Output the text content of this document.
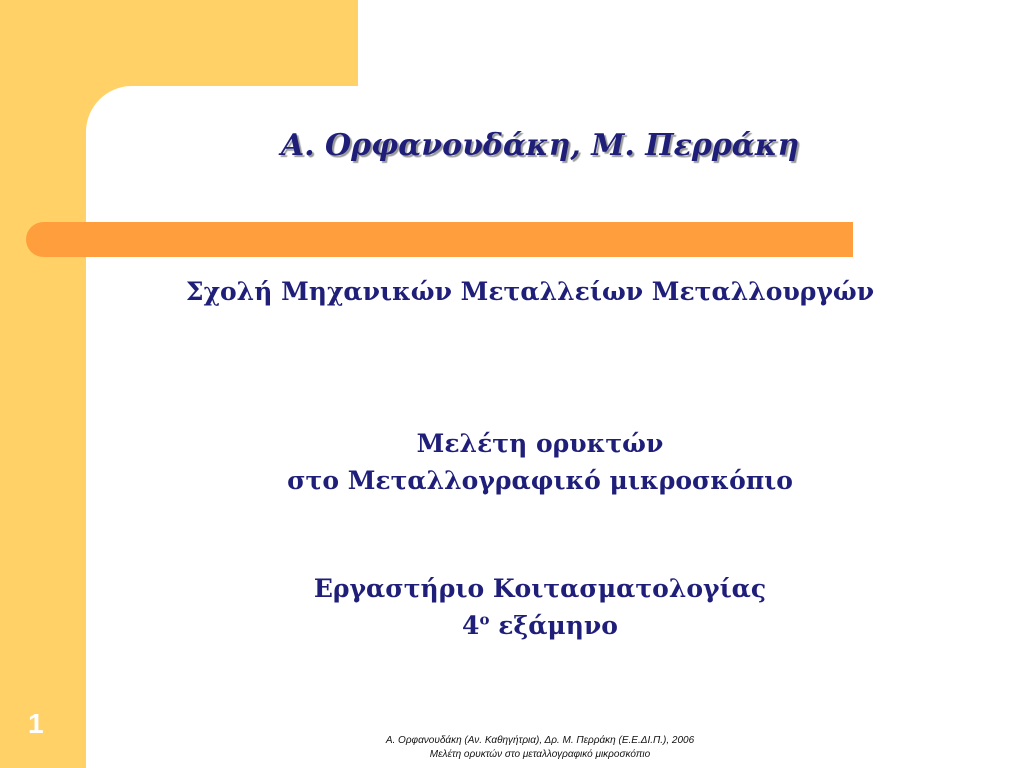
Α. Ορφανουδάκη, Μ. Περράκη
Σχολή Μηχανικών Μεταλλείων Μεταλλουργών
Μελέτη ορυκτών
στο Μεταλλογραφικό μικροσκόπιο
Εργαστήριο Κοιτασματολογίας
$4^o$ εξάμηνο
1
Α. Ορφανουδάκη (Αν. Καθηγήτρια), Δρ. Μ. Περράκη (Ε.Ε.ΔΙ.Π.), 2006
Μελέτη ορυκτών στο μεταλλογραφικό μικροσκόπιο
